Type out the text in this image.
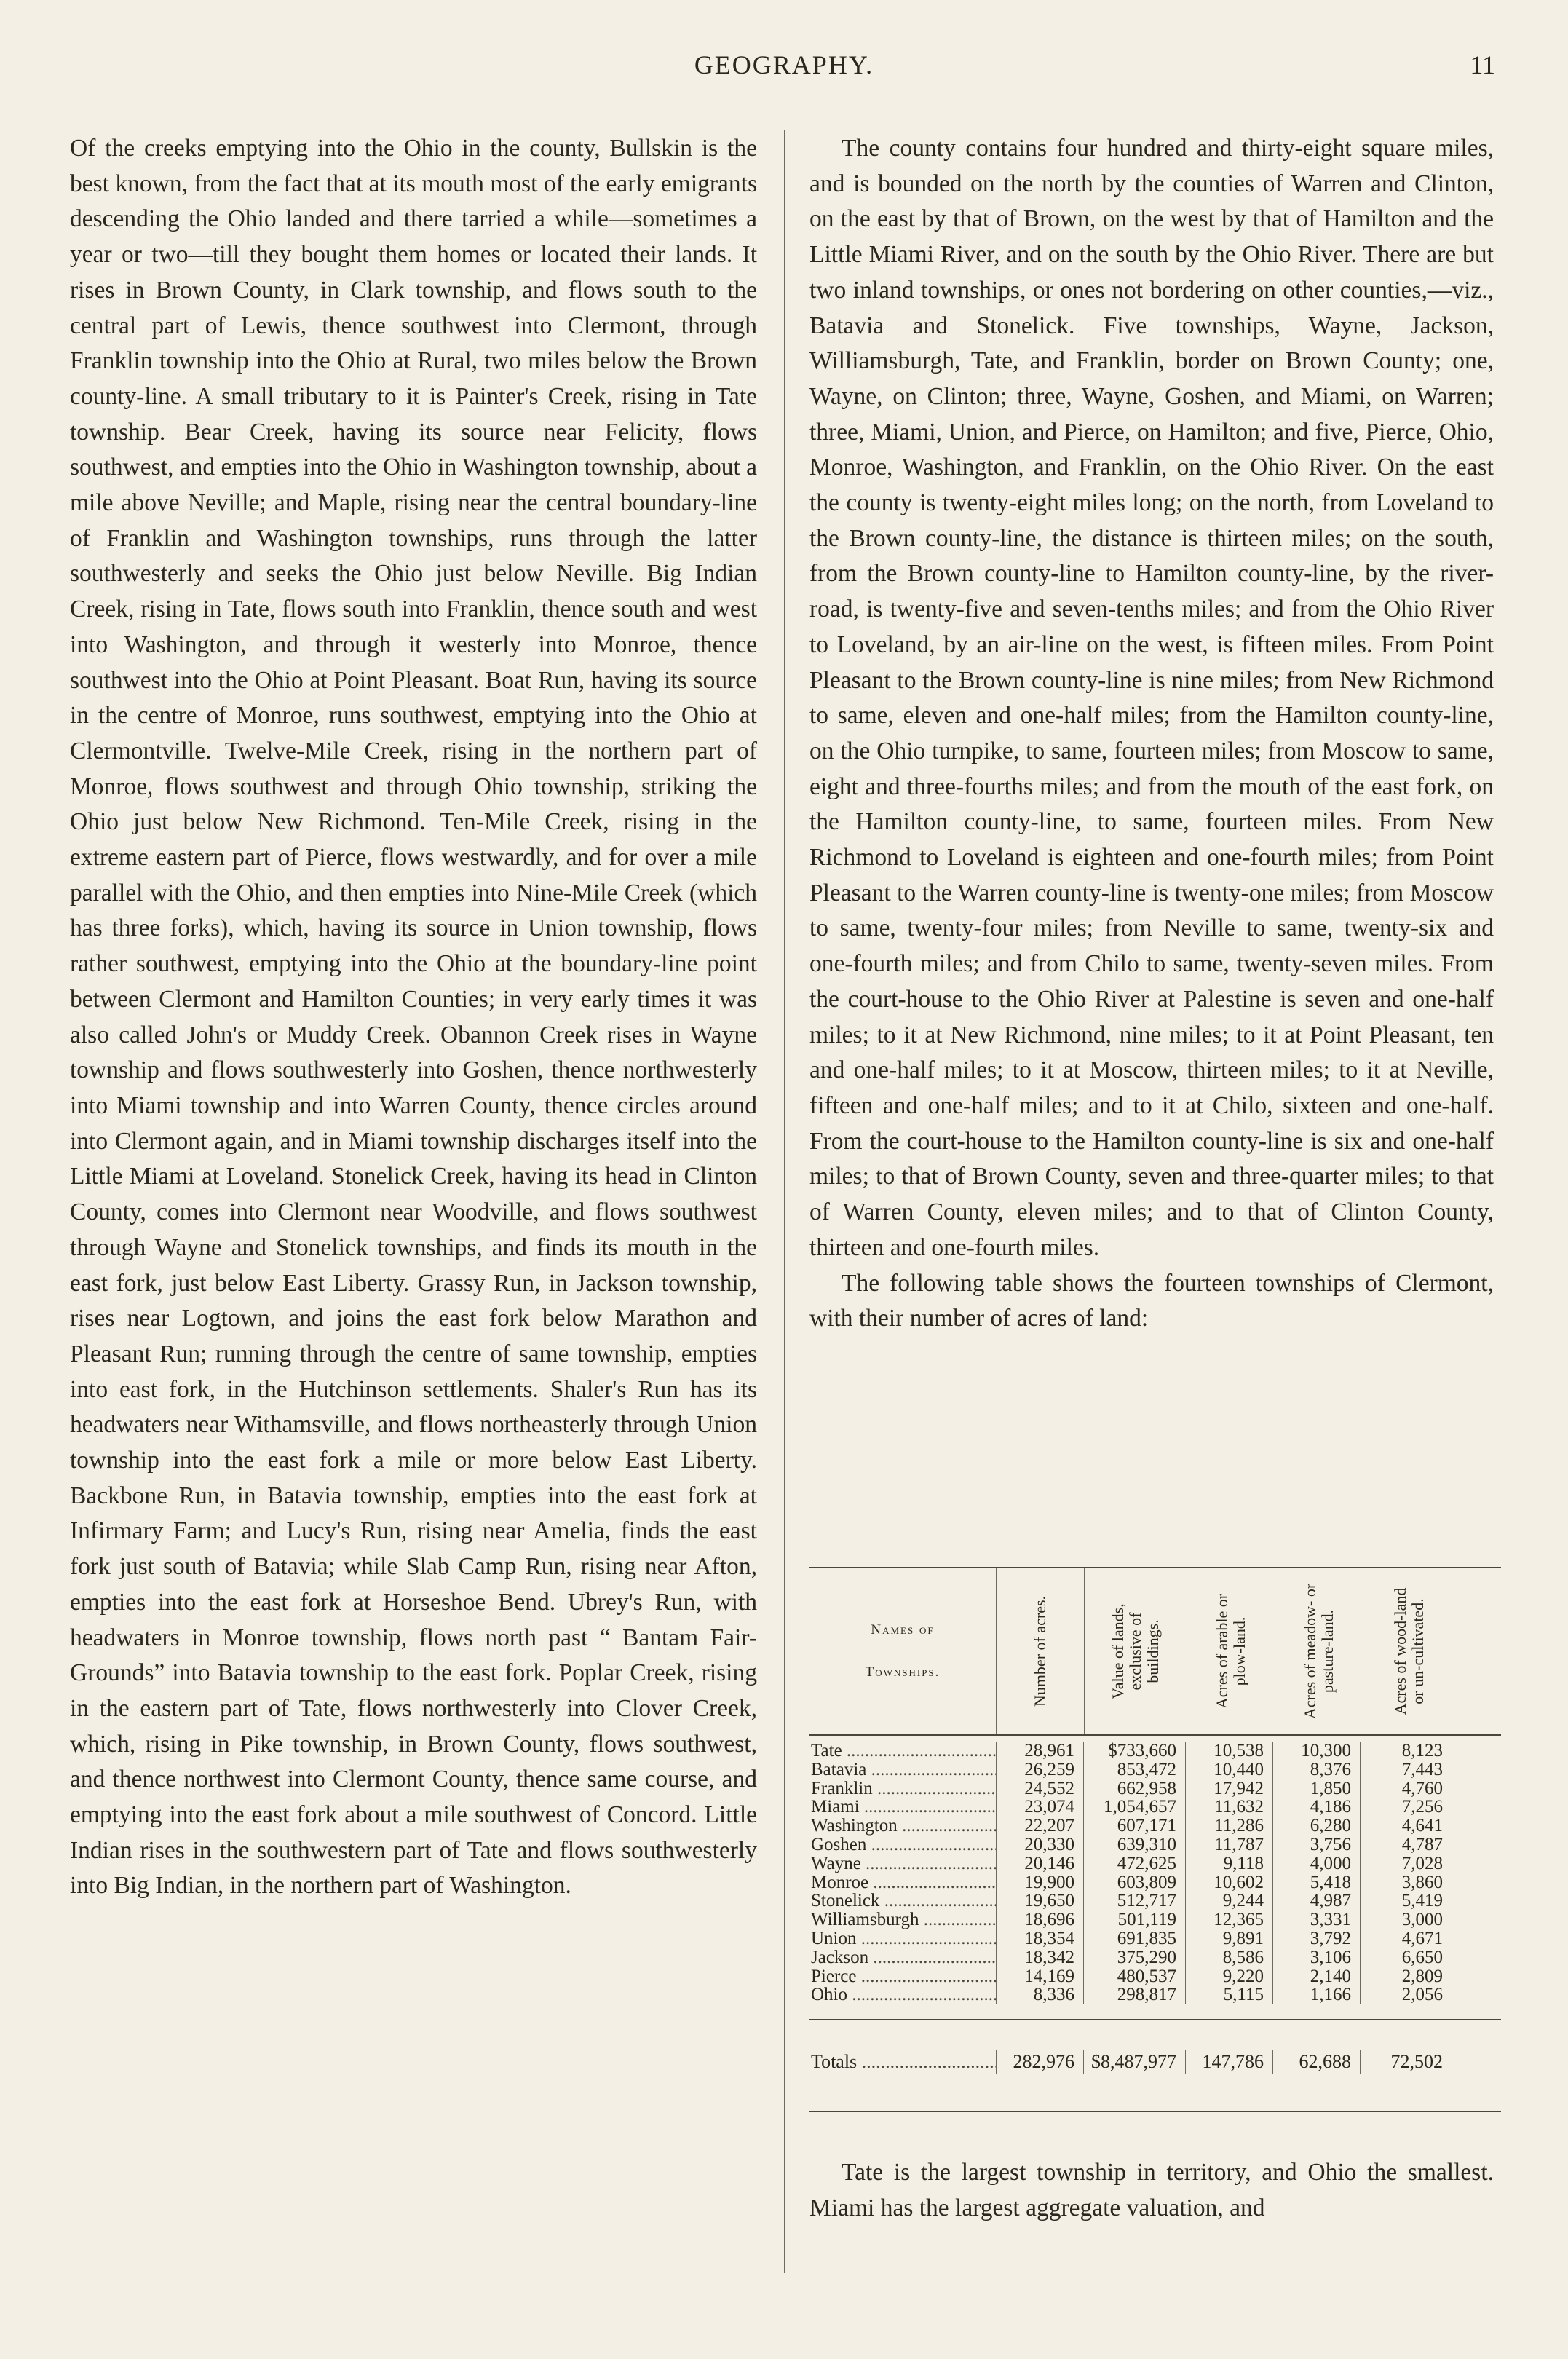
GEOGRAPHY.	11

Of the creeks emptying into the Ohio in the county, Bullskin is the best known, from the fact that at its mouth most of the early emigrants descending the Ohio landed and there tarried a while—sometimes a year or two—till they bought them homes or located their lands. It rises in Brown County, in Clark township, and flows south to the central part of Lewis, thence southwest into Clermont, through Franklin township into the Ohio at Rural, two miles below the Brown county-line. A small tributary to it is Painter's Creek, rising in Tate township. Bear Creek, having its source near Felicity, flows southwest, and empties into the Ohio in Washington township, about a mile above Neville; and Maple, rising near the central boundary-line of Franklin and Washington townships, runs through the latter southwesterly and seeks the Ohio just below Neville. Big Indian Creek, rising in Tate, flows south into Franklin, thence south and west into Washington, and through it westerly into Monroe, thence southwest into the Ohio at Point Pleasant. Boat Run, having its source in the centre of Monroe, runs southwest, emptying into the Ohio at Clermontville. Twelve-Mile Creek, rising in the northern part of Monroe, flows southwest and through Ohio township, striking the Ohio just below New Richmond. Ten-Mile Creek, rising in the extreme eastern part of Pierce, flows westwardly, and for over a mile parallel with the Ohio, and then empties into Nine-Mile Creek (which has three forks), which, having its source in Union township, flows rather southwest, emptying into the Ohio at the boundary-line point between Clermont and Hamilton Counties; in very early times it was also called John's or Muddy Creek. Obannon Creek rises in Wayne township and flows southwesterly into Goshen, thence northwesterly into Miami township and into Warren County, thence circles around into Clermont again, and in Miami township discharges itself into the Little Miami at Loveland. Stonelick Creek, having its head in Clinton County, comes into Clermont near Woodville, and flows southwest through Wayne and Stonelick townships, and finds its mouth in the east fork, just below East Liberty. Grassy Run, in Jackson township, rises near Logtown, and joins the east fork below Marathon and Pleasant Run; running through the centre of same township, empties into east fork, in the Hutchinson settlements. Shaler's Run has its headwaters near Withamsville, and flows northeasterly through Union township into the east fork a mile or more below East Liberty. Backbone Run, in Batavia township, empties into the east fork at Infirmary Farm; and Lucy's Run, rising near Amelia, finds the east fork just south of Batavia; while Slab Camp Run, rising near Afton, empties into the east fork at Horseshoe Bend. Ubrey's Run, with headwaters in Monroe township, flows north past “ Bantam Fair-Grounds” into Batavia township to the east fork. Poplar Creek, rising in the eastern part of Tate, flows northwesterly into Clover Creek, which, rising in Pike township, in Brown County, flows southwest, and thence northwest into Clermont County, thence same course, and emptying into the east fork about a mile southwest of Concord. Little Indian rises in the southwestern part of Tate and flows southwesterly into Big Indian, in the northern part of Washington.

The county contains four hundred and thirty-eight square miles, and is bounded on the north by the counties of Warren and Clinton, on the east by that of Brown, on the west by that of Hamilton and the Little Miami River, and on the south by the Ohio River. There are but two inland townships, or ones not bordering on other counties,—viz., Batavia and Stonelick. Five townships, Wayne, Jackson, Williamsburgh, Tate, and Franklin, border on Brown County; one, Wayne, on Clinton; three, Wayne, Goshen, and Miami, on Warren; three, Miami, Union, and Pierce, on Hamilton; and five, Pierce, Ohio, Monroe, Washington, and Franklin, on the Ohio River. On the east the county is twenty-eight miles long; on the north, from Loveland to the Brown county-line, the distance is thirteen miles; on the south, from the Brown county-line to Hamilton county-line, by the river-road, is twenty-five and seven-tenths miles; and from the Ohio River to Loveland, by an air-line on the west, is fifteen miles. From Point Pleasant to the Brown county-line is nine miles; from New Richmond to same, eleven and one-half miles; from the Hamilton county-line, on the Ohio turnpike, to same, fourteen miles; from Moscow to same, eight and three-fourths miles; and from the mouth of the east fork, on the Hamilton county-line, to same, fourteen miles. From New Richmond to Loveland is eighteen and one-fourth miles; from Point Pleasant to the Warren county-line is twenty-one miles; from Moscow to same, twenty-four miles; from Neville to same, twenty-six and one-fourth miles; and from Chilo to same, twenty-seven miles. From the court-house to the Ohio River at Palestine is seven and one-half miles; to it at New Richmond, nine miles; to it at Point Pleasant, ten and one-half miles; to it at Moscow, thirteen miles; to it at Neville, fifteen and one-half miles; and to it at Chilo, sixteen and one-half. From the court-house to the Hamilton county-line is six and one-half miles; to that of Brown County, seven and three-quarter miles; to that of Warren County, eleven miles; and to that of Clinton County, thirteen and one-fourth miles.

The following table shows the fourteen townships of Clermont, with their number of acres of land:

Names of
Townships.	Number of acres.	Value of lands, exclusive of buildings.	Acres of arable or plow-land.	Acres of meadow- or pasture-land.	Acres of wood-land or un-cultivated.
Tate .....	28,961	$733,660	10,538	10,300	8,123
Batavia .....	26,259	853,472	10,440	8,376	7,443
Franklin .....	24,552	662,958	17,942	1,850	4,760
Miami .....	23,074	1,054,657	11,632	4,186	7,256
Washington .....	22,207	607,171	11,286	6,280	4,641
Goshen .....	20,330	639,310	11,787	3,756	4,787
Wayne .....	20,146	472,625	9,118	4,000	7,028
Monroe .....	19,900	603,809	10,602	5,418	3,860
Stonelick .....	19,650	512,717	9,244	4,987	5,419
Williamsburgh .....	18,696	501,119	12,365	3,331	3,000
Union .....	18,354	691,835	9,891	3,792	4,671
Jackson .....	18,342	375,290	8,586	3,106	6,650
Pierce .....	14,169	480,537	9,220	2,140	2,809
Ohio .....	8,336	298,817	5,115	1,166	2,056
Totals .....	282,976 $8,487,977	147,786	62,688	72,502

Tate is the largest township in territory, and Ohio the smallest. Miami has the largest aggregate valuation, and
